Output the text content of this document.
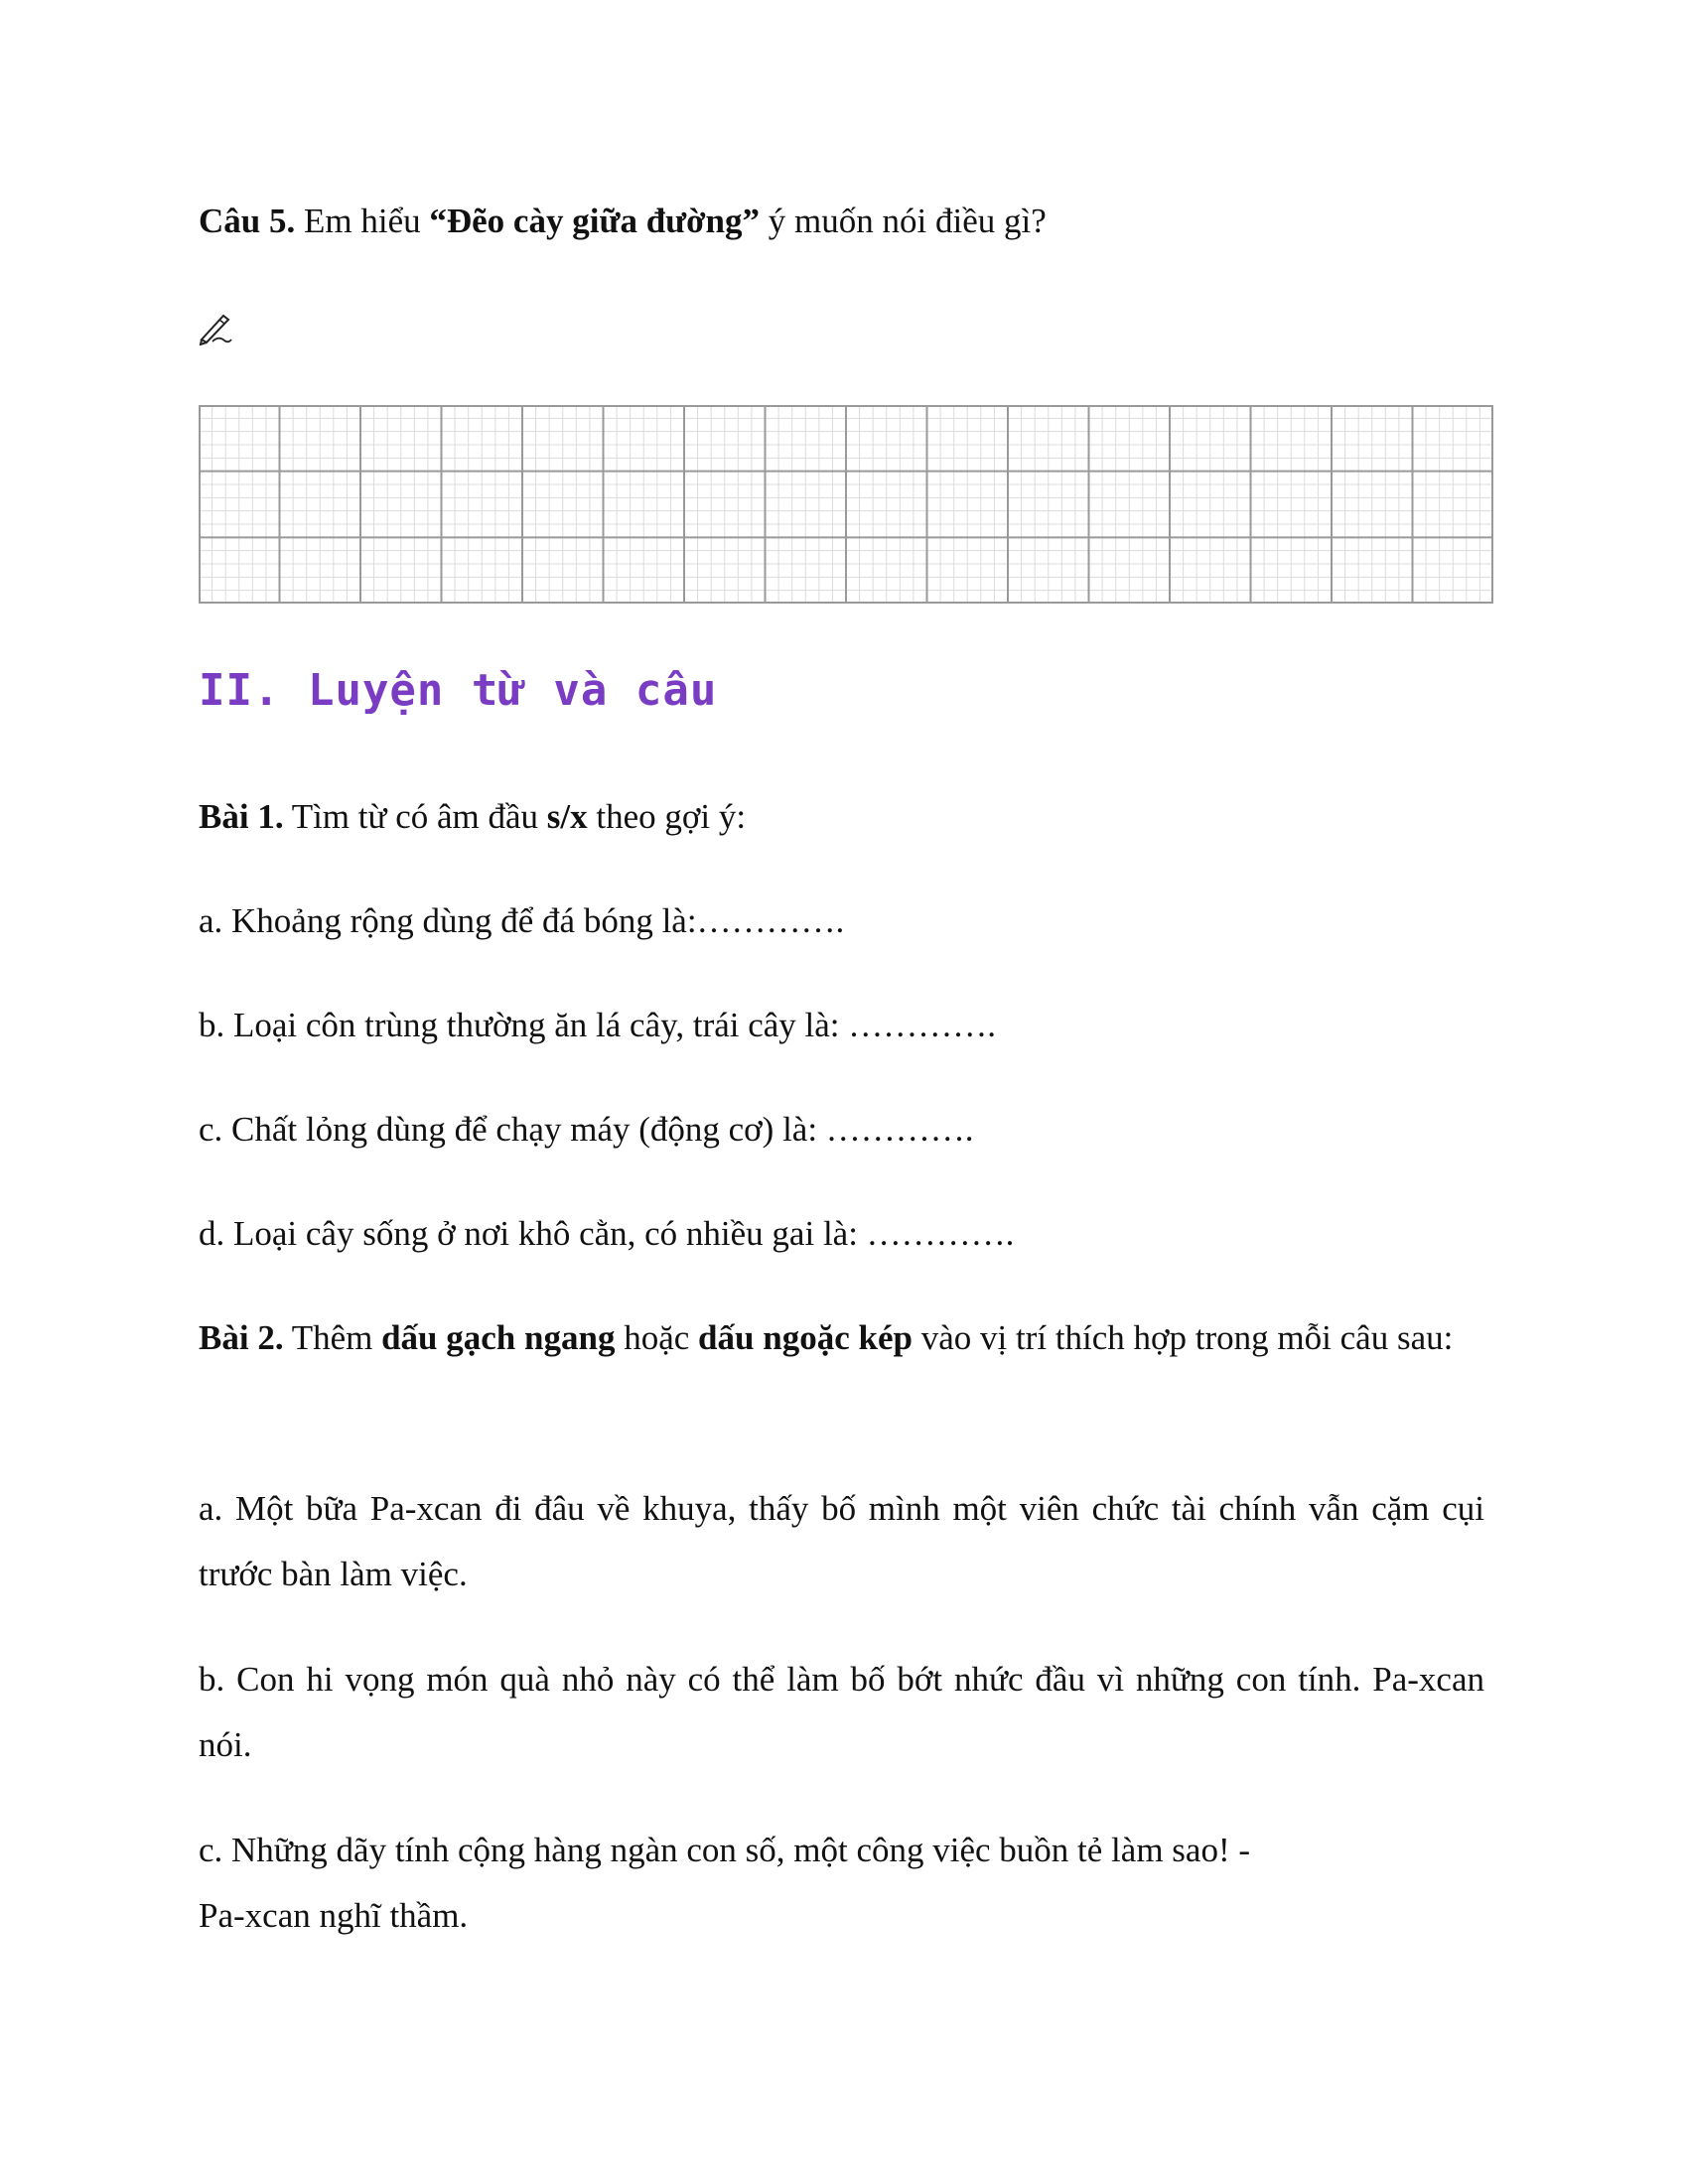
Câu 5. Em hiểu “Đẽo cày giữa đường” ý muốn nói điều gì?
II. Luyện từ và câu
Bài 1. Tìm từ có âm đầu s/x theo gợi ý:
a. Khoảng rộng dùng để đá bóng là:………….
b. Loại côn trùng thường ăn lá cây, trái cây là: ………….
c. Chất lỏng dùng để chạy máy (động cơ) là: ………….
d. Loại cây sống ở nơi khô cằn, có nhiều gai là: ………….
Bài 2. Thêm dấu gạch ngang hoặc dấu ngoặc kép vào vị trí thích hợp trong mỗi câu sau:
a. Một bữa Pa-xcan đi đâu về khuya, thấy bố mình một viên chức tài chính vẫn cặm cụi trước bàn làm việc.
b. Con hi vọng món quà nhỏ này có thể làm bố bớt nhức đầu vì những con tính. Pa-xcan nói.
c. Những dãy tính cộng hàng ngàn con số, một công việc buồn tẻ làm sao! -
Pa-xcan nghĩ thầm.
